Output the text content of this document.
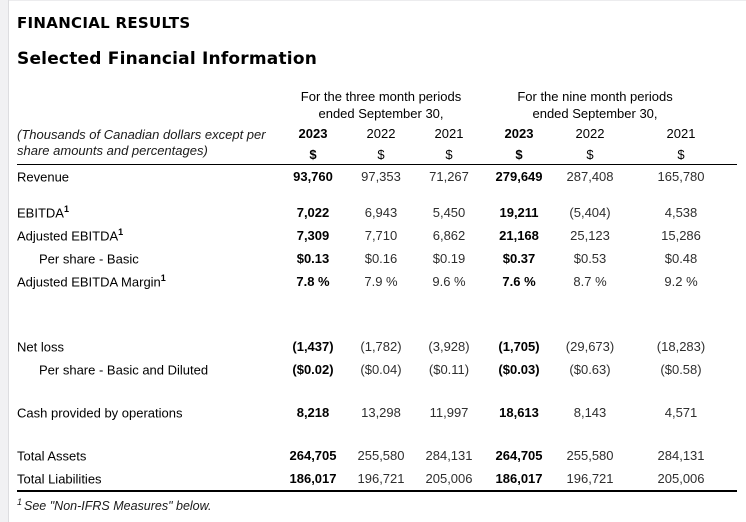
FINANCIAL RESULTS
Selected Financial Information

For the three month periods
ended September 30,

For the nine month periods
ended September 30,

(Thousands of Canadian dollars except per
share amounts and percentages)	2023	2022	2021	2023	2022	2021
	$	$	$	$	$	$
Revenue	93,760	97,353	71,267	279,649	287,408	165,780

EBITDA$^1$	7,022	6,943	5,450	19,211	(5,404)	4,538
Adjusted EBITDA$^1$	7,309	7,710	6,862	21,168	25,123	15,286
Per share - Basic	$0.13	$0.16	$0.19	$0.37	$0.53	$0.48
Adjusted EBITDA Margin$^1$	7.8 %	7.9 %	9.6 %	7.6 %	8.7 %	9.2 %

Net loss	(1,437)	(1,782)	(3,928)	(1,705)	(29,673)	(18,283)
Per share - Basic and Diluted	($0.02)	($0.04)	($0.11)	($0.03)	($0.63)	($0.58)

Cash provided by operations	8,218	13,298	11,997	18,613	8,143	4,571

Total Assets	264,705	255,580	284,131	264,705	255,580	284,131
Total Liabilities	186,017	196,721	205,006	186,017	196,721	205,006
$^1$ See "Non-IFRS Measures" below.
